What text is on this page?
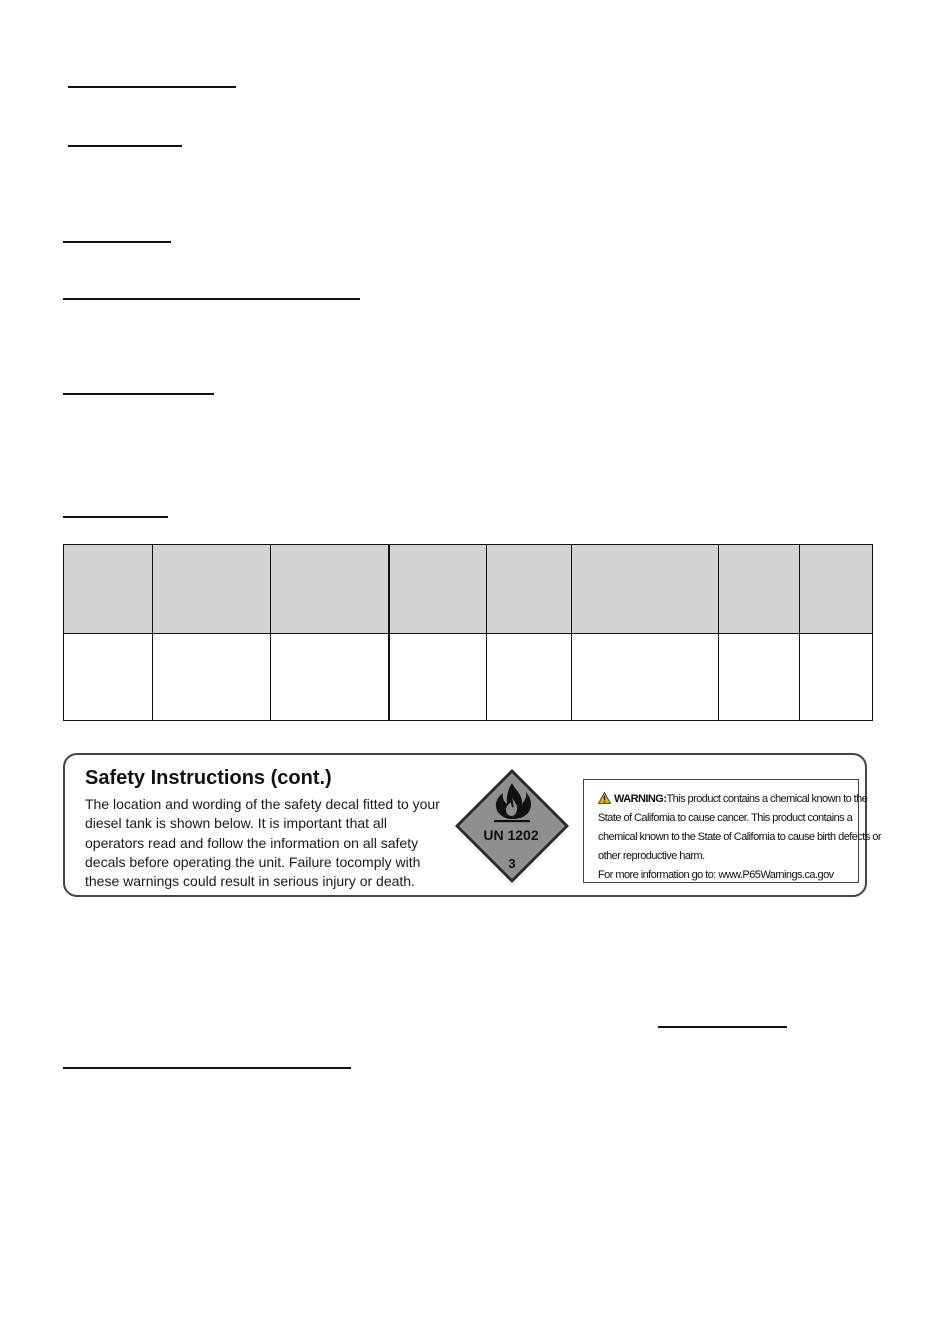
Safety Instructions (cont.)

The location and wording of the safety decal fitted to your diesel tank is shown below. It is important that all operators read and follow the information on all safety decals before operating the unit. Failure tocomply with these warnings could result in serious injury or death.

UN 1202
3
WARNING:This product contains a chemical known to the
State of California to cause cancer. This product contains a
chemical known to the State of California to cause birth defects or
other reproductive harm.
For more information go to: www.P65Warnings.ca.gov
